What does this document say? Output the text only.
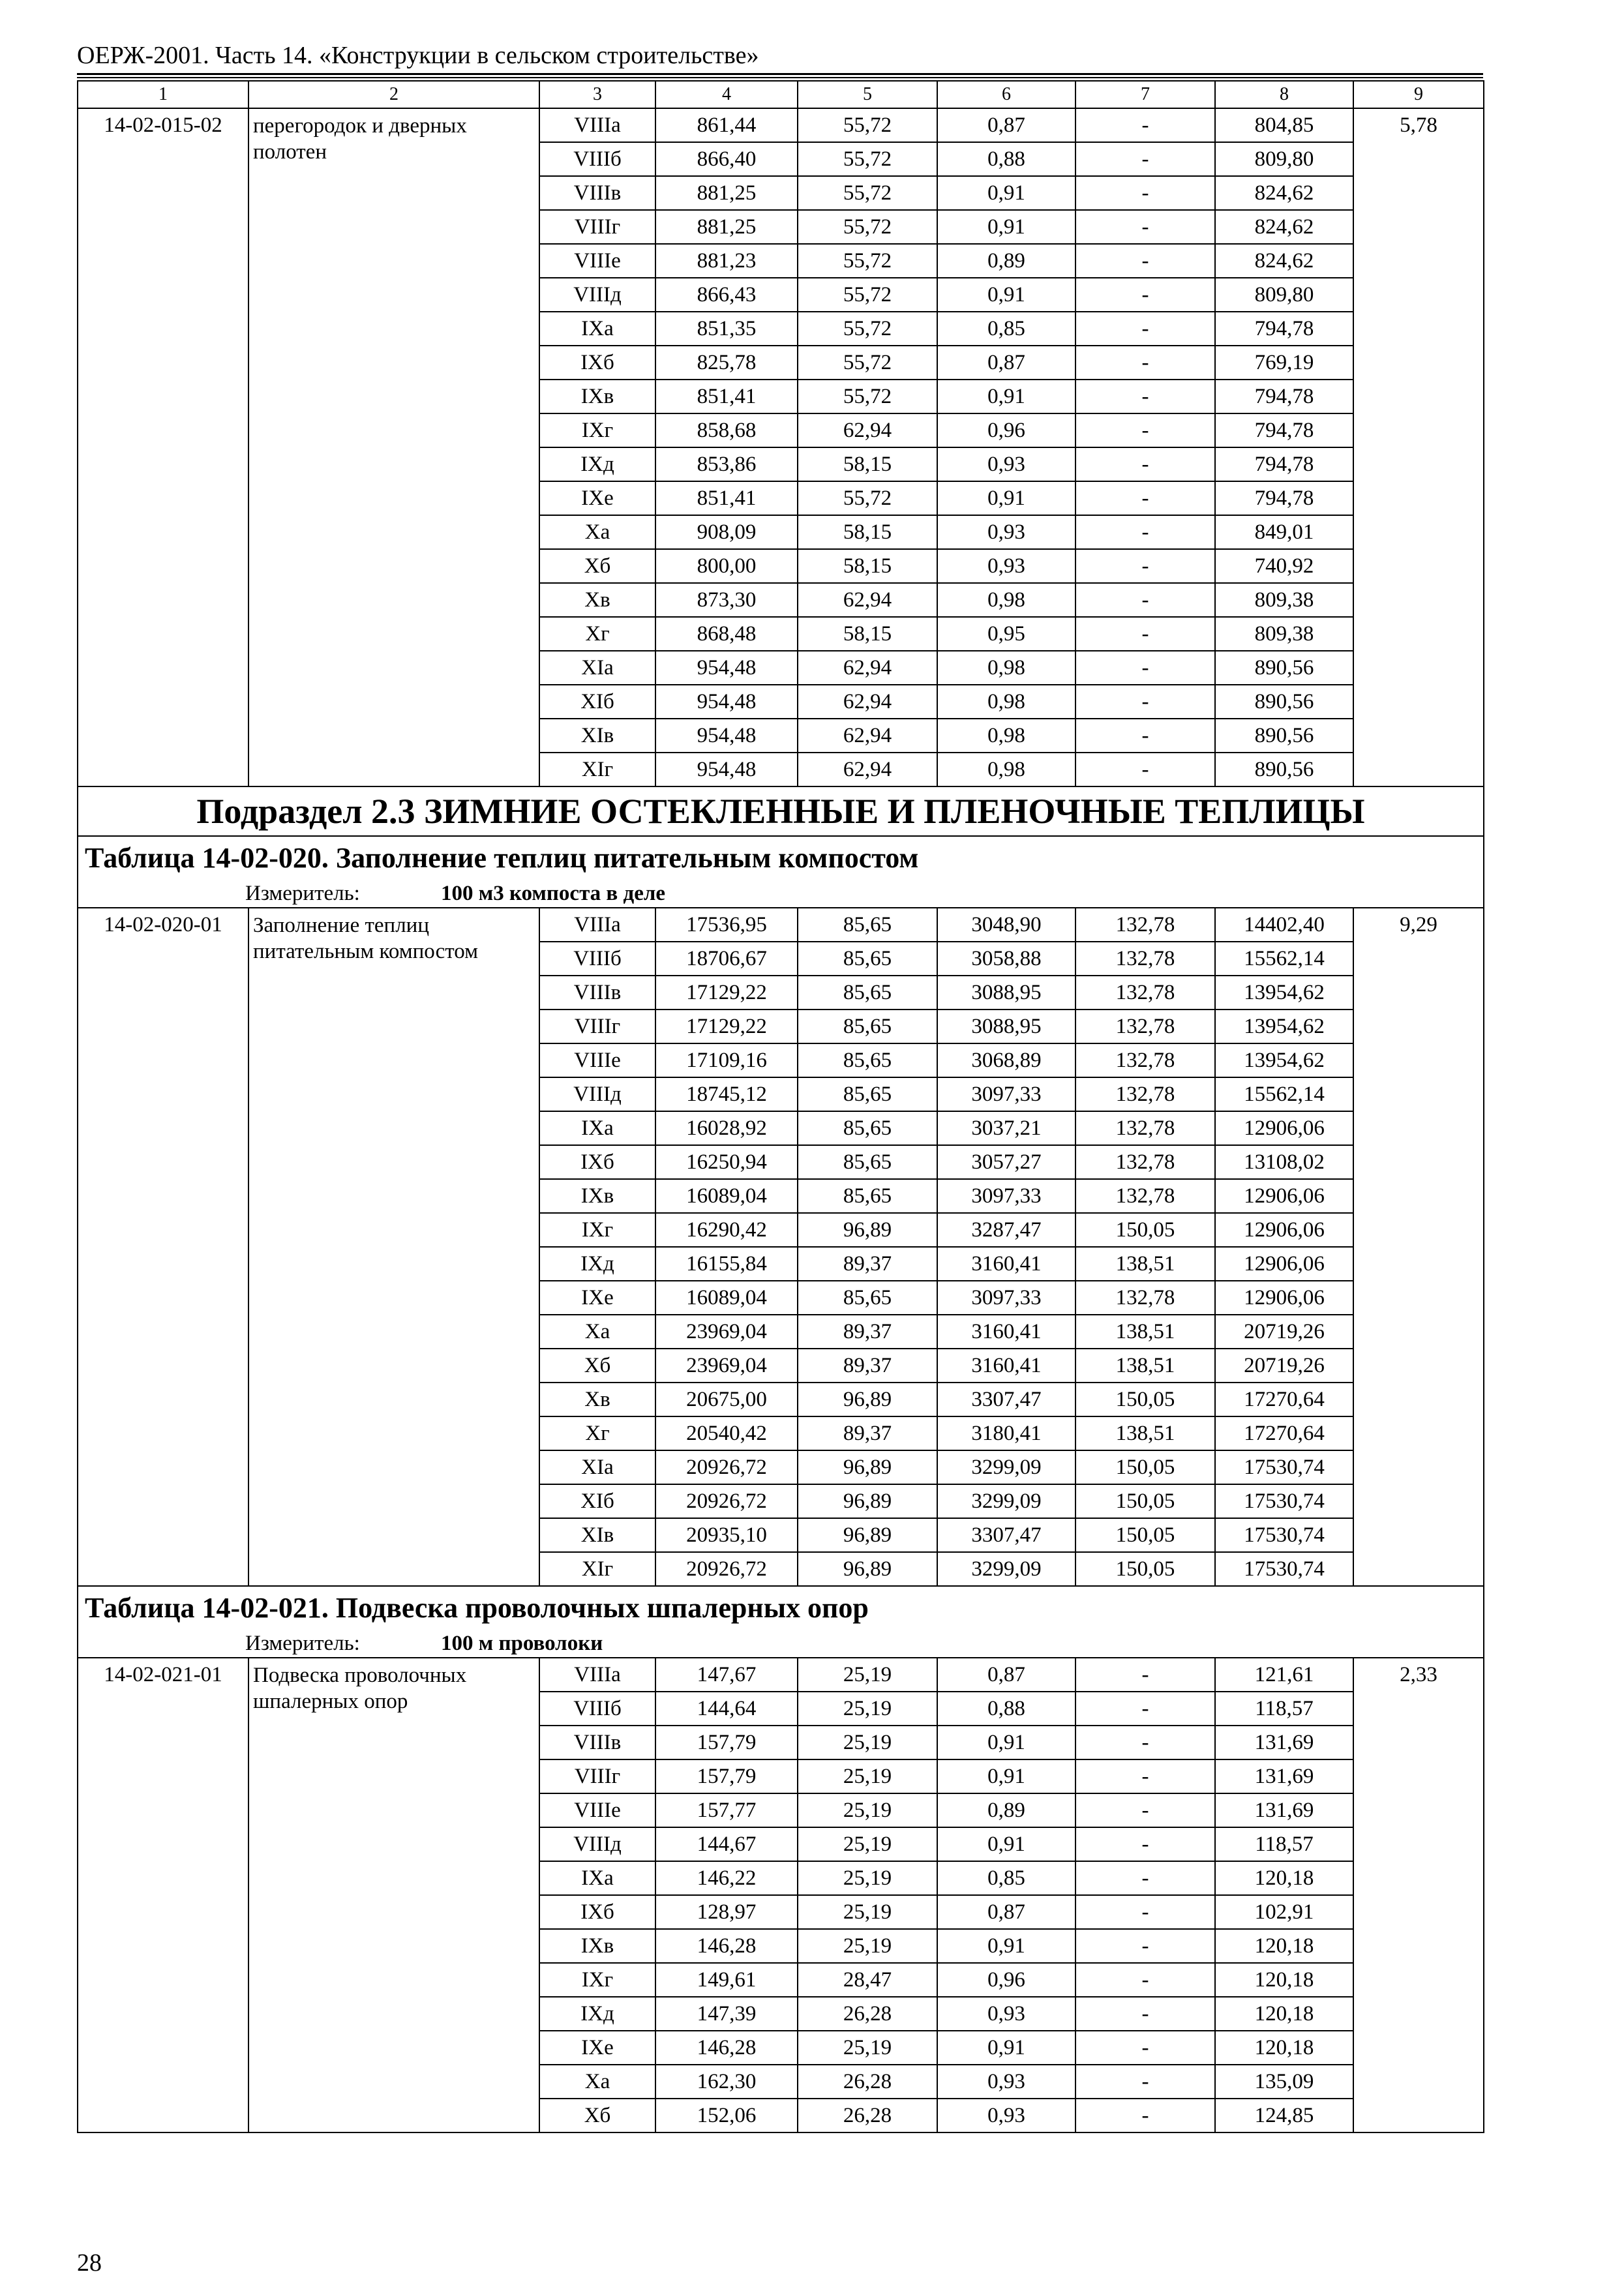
ОЕРЖ-2001. Часть 14. «Конструкции в сельском строительстве»
1	2	3	4	5	6	7	8	9
14-02-015-02	перегородок и дверных полотен	VIIIа	861,44	55,72	0,87	-	804,85	5,78
		VIIIб	866,40	55,72	0,88	-	809,80	
		VIIIв	881,25	55,72	0,91	-	824,62	
		VIIIг	881,25	55,72	0,91	-	824,62	
		VIIIе	881,23	55,72	0,89	-	824,62	
		VIIIд	866,43	55,72	0,91	-	809,80	
		IXа	851,35	55,72	0,85	-	794,78	
		IXб	825,78	55,72	0,87	-	769,19	
		IXв	851,41	55,72	0,91	-	794,78	
		IXг	858,68	62,94	0,96	-	794,78	
		IXд	853,86	58,15	0,93	-	794,78	
		IXе	851,41	55,72	0,91	-	794,78	
		Xа	908,09	58,15	0,93	-	849,01	
		Xб	800,00	58,15	0,93	-	740,92	
		Xв	873,30	62,94	0,98	-	809,38	
		Xг	868,48	58,15	0,95	-	809,38	
		XIа	954,48	62,94	0,98	-	890,56	
		XIб	954,48	62,94	0,98	-	890,56	
		XIв	954,48	62,94	0,98	-	890,56	
		XIг	954,48	62,94	0,98	-	890,56	
Подраздел 2.3 ЗИМНИЕ ОСТЕКЛЕННЫЕ И ПЛЕНОЧНЫЕ ТЕПЛИЦЫ								
Таблица 14-02-020. Заполнение теплиц питательным компостом								
Измеритель: 100 м3 компоста в деле								
14-02-020-01	Заполнение теплиц питательным компостом	VIIIа	17536,95	85,65	3048,90	132,78	14402,40	9,29
		VIIIб	18706,67	85,65	3058,88	132,78	15562,14	
		VIIIв	17129,22	85,65	3088,95	132,78	13954,62	
		VIIIг	17129,22	85,65	3088,95	132,78	13954,62	
		VIIIе	17109,16	85,65	3068,89	132,78	13954,62	
		VIIIд	18745,12	85,65	3097,33	132,78	15562,14	
		IXа	16028,92	85,65	3037,21	132,78	12906,06	
		IXб	16250,94	85,65	3057,27	132,78	13108,02	
		IXв	16089,04	85,65	3097,33	132,78	12906,06	
		IXг	16290,42	96,89	3287,47	150,05	12906,06	
		IXд	16155,84	89,37	3160,41	138,51	12906,06	
		IXе	16089,04	85,65	3097,33	132,78	12906,06	
		Xа	23969,04	89,37	3160,41	138,51	20719,26	
		Xб	23969,04	89,37	3160,41	138,51	20719,26	
		Xв	20675,00	96,89	3307,47	150,05	17270,64	
		Xг	20540,42	89,37	3180,41	138,51	17270,64	
		XIа	20926,72	96,89	3299,09	150,05	17530,74	
		XIб	20926,72	96,89	3299,09	150,05	17530,74	
		XIв	20935,10	96,89	3307,47	150,05	17530,74	
		XIг	20926,72	96,89	3299,09	150,05	17530,74	
Таблица 14-02-021. Подвеска проволочных шпалерных опор								
Измеритель: 100 м проволоки								
14-02-021-01	Подвеска проволочных шпалерных опор	VIIIа	147,67	25,19	0,87	-	121,61	2,33
		VIIIб	144,64	25,19	0,88	-	118,57	
		VIIIв	157,79	25,19	0,91	-	131,69	
		VIIIг	157,79	25,19	0,91	-	131,69	
		VIIIе	157,77	25,19	0,89	-	131,69	
		VIIIд	144,67	25,19	0,91	-	118,57	
		IXа	146,22	25,19	0,85	-	120,18	
		IXб	128,97	25,19	0,87	-	102,91	
		IXв	146,28	25,19	0,91	-	120,18	
		IXг	149,61	28,47	0,96	-	120,18	
		IXд	147,39	26,28	0,93	-	120,18	
		IXе	146,28	25,19	0,91	-	120,18	
		Xа	162,30	26,28	0,93	-	135,09	
		Xб	152,06	26,28	0,93	-	124,85	
28
